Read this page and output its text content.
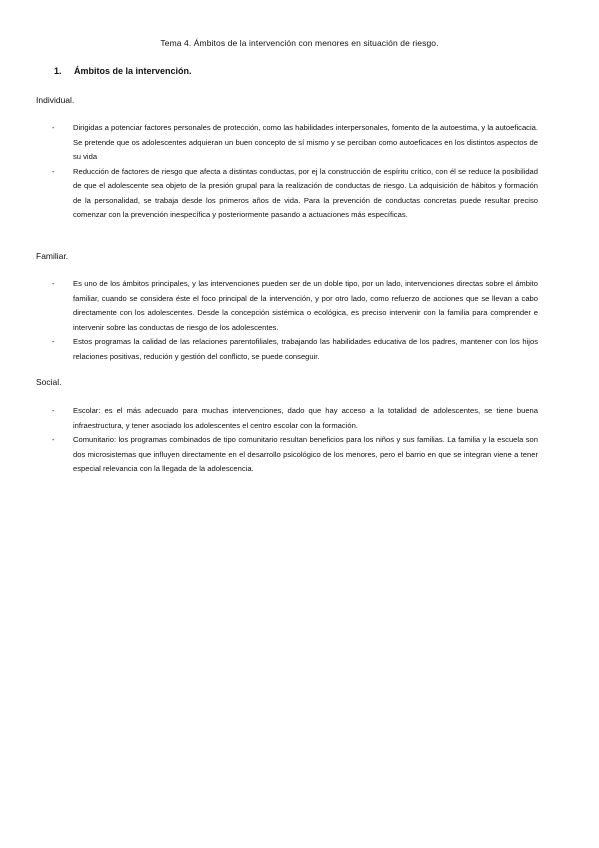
Tema 4. Ámbitos de la intervención con menores en situación de riesgo.
1. Ámbitos de la intervención.
Individual.
- Dirigidas a potenciar factores personales de protección, como las habilidades interpersonales, fomento de la autoestima, y la autoeficacia. Se pretende que os adolescentes adquieran un buen concepto de sí mismo y se perciban como autoeficaces en los distintos aspectos de su vida
- Reducción de factores de riesgo que afecta a distintas conductas, por ej la construcción de espíritu crítico, con él se reduce la posibilidad de que el adolescente sea objeto de la presión grupal para la realización de conductas de riesgo. La adquisición de hábitos y formación de la personalidad, se trabaja desde los primeros años de vida. Para la prevención de conductas concretas puede resultar preciso comenzar con la prevención inespecífica y posteriormente pasando a actuaciones más específicas.
Familiar.
- Es uno de los ámbitos principales, y las intervenciones pueden ser de un doble tipo, por un lado, intervenciones directas sobre el ámbito familiar, cuando se considera éste el foco principal de la intervención, y por otro lado, como refuerzo de acciones que se llevan a cabo directamente con los adolescentes. Desde la concepción sistémica o ecológica, es preciso intervenir con la familia para comprender e intervenir sobre las conductas de riesgo de los adolescentes.
- Estos programas la calidad de las relaciones parentofiliales, trabajando las habilidades educativa de los padres, mantener con los hijos relaciones positivas, redución y gestión del conflicto, se puede conseguir.
Social.
- Escolar: es el más adecuado para muchas intervenciones, dado que hay acceso a la totalidad de adolescentes, se tiene buena infraestructura, y tener asociado los adolescentes el centro escolar con la formación.
- Comunitario: los programas combinados de tipo comunitario resultan beneficios para los niños y sus familias. La familia y la escuela son dos microsistemas que influyen directamente en el desarrollo psicológico de los menores, pero el barrio en que se integran viene a tener especial relevancia con la llegada de la adolescencia.
